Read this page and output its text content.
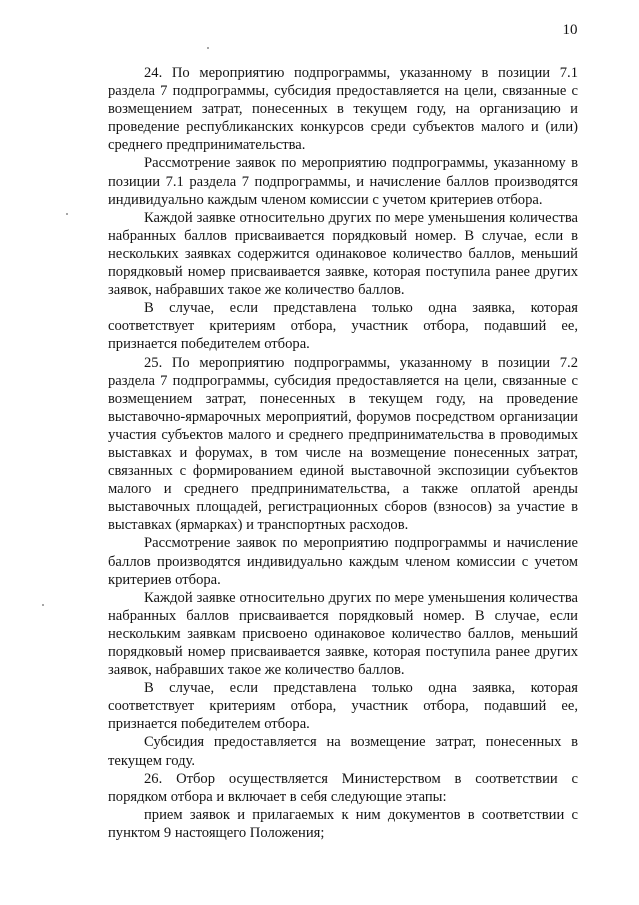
10

24. По мероприятию подпрограммы, указанному в позиции 7.1 раздела 7 подпрограммы, субсидия предоставляется на цели, связанные с возмещением затрат, понесенных в текущем году, на организацию и проведение республиканских конкурсов среди субъектов малого и (или) среднего предпринимательства.

Рассмотрение заявок по мероприятию подпрограммы, указанному в позиции 7.1 раздела 7 подпрограммы, и начисление баллов производятся индивидуально каждым членом комиссии с учетом критериев отбора.

Каждой заявке относительно других по мере уменьшения количества набранных баллов присваивается порядковый номер. В случае, если в нескольких заявках содержится одинаковое количество баллов, меньший порядковый номер присваивается заявке, которая поступила ранее других заявок, набравших такое же количество баллов.

В случае, если представлена только одна заявка, которая соответствует критериям отбора, участник отбора, подавший ее, признается победителем отбора.

25. По мероприятию подпрограммы, указанному в позиции 7.2 раздела 7 подпрограммы, субсидия предоставляется на цели, связанные с возмещением затрат, понесенных в текущем году, на проведение выставочно-ярмарочных мероприятий, форумов посредством организации участия субъектов малого и среднего предпринимательства в проводимых выставках и форумах, в том числе на возмещение понесенных затрат, связанных с формированием единой выставочной экспозиции субъектов малого и среднего предпринимательства, а также оплатой аренды выставочных площадей, регистрационных сборов (взносов) за участие в выставках (ярмарках) и транспортных расходов.

Рассмотрение заявок по мероприятию подпрограммы и начисление баллов производятся индивидуально каждым членом комиссии с учетом критериев отбора.

Каждой заявке относительно других по мере уменьшения количества набранных баллов присваивается порядковый номер. В случае, если нескольким заявкам присвоено одинаковое количество баллов, меньший порядковый номер присваивается заявке, которая поступила ранее других заявок, набравших такое же количество баллов.

В случае, если представлена только одна заявка, которая соответствует критериям отбора, участник отбора, подавший ее, признается победителем отбора.

Субсидия предоставляется на возмещение затрат, понесенных в текущем году.

26. Отбор осуществляется Министерством в соответствии с порядком отбора и включает в себя следующие этапы:

прием заявок и прилагаемых к ним документов в соответствии с пунктом 9 настоящего Положения;
